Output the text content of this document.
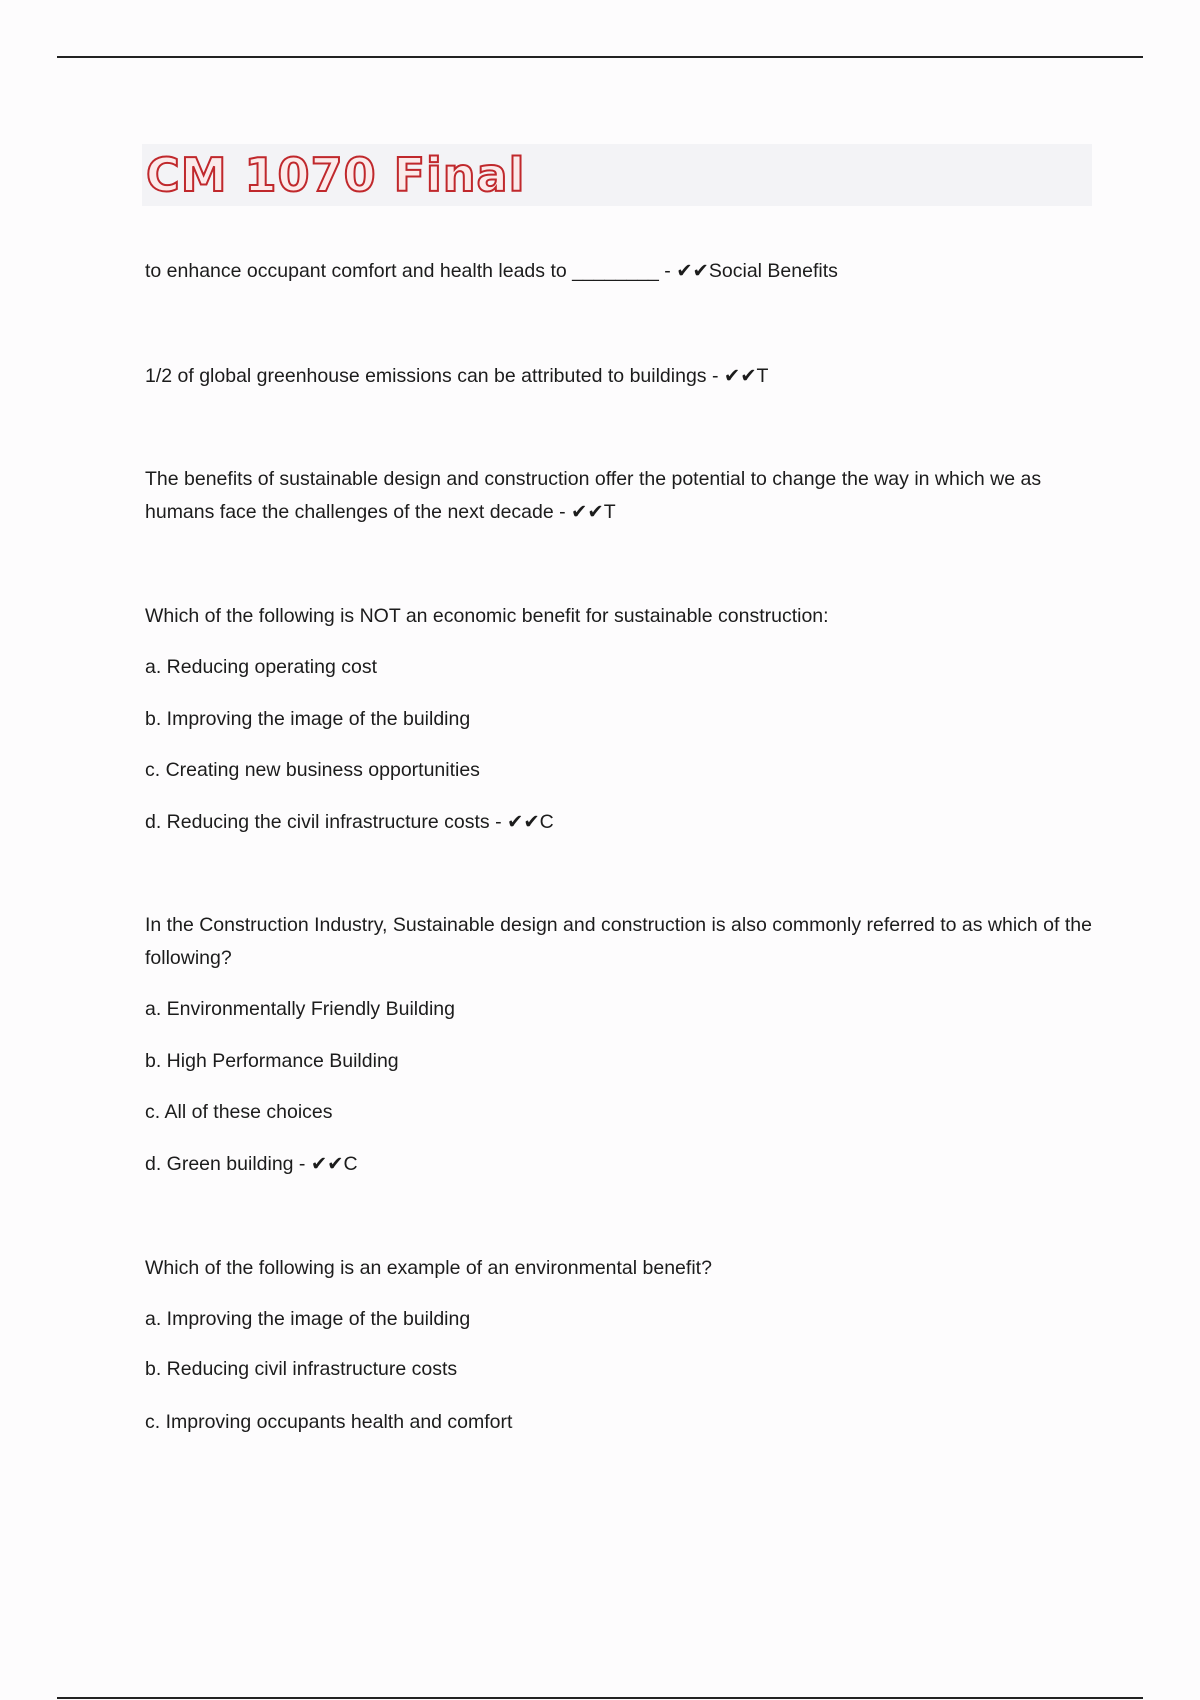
CM 1070 Final
to enhance occupant comfort and health leads to ________ - ✔✔Social Benefits
1/2 of global greenhouse emissions can be attributed to buildings - ✔✔T
The benefits of sustainable design and construction offer the potential to change the way in which we as humans face the challenges of the next decade - ✔✔T
Which of the following is NOT an economic benefit for sustainable construction:
a. Reducing operating cost
b. Improving the image of the building
c. Creating new business opportunities
d. Reducing the civil infrastructure costs - ✔✔C
In the Construction Industry, Sustainable design and construction is also commonly referred to as which of the following?
a. Environmentally Friendly Building
b. High Performance Building
c. All of these choices
d. Green building - ✔✔C
Which of the following is an example of an environmental benefit?
a. Improving the image of the building
b. Reducing civil infrastructure costs
c. Improving occupants health and comfort
